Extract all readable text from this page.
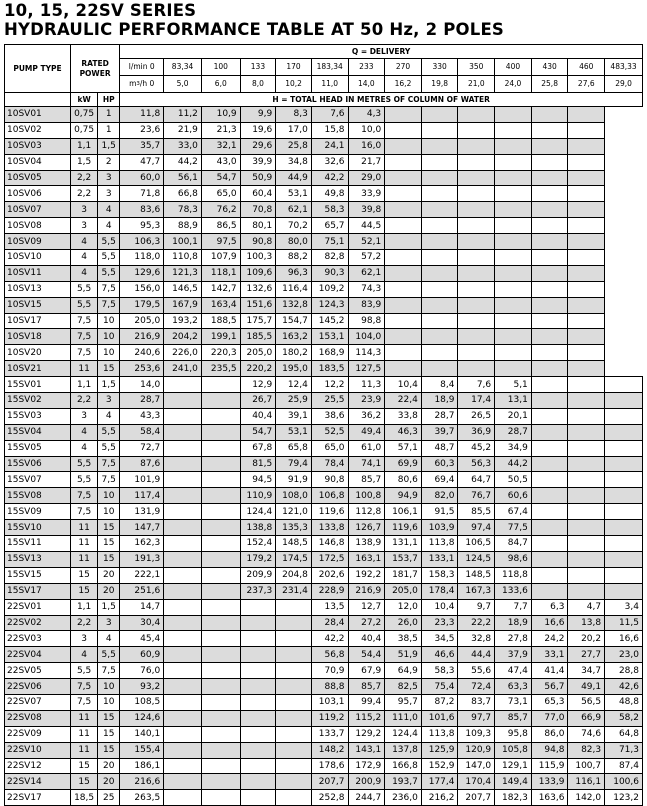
10, 15, 22SV SERIES
HYDRAULIC PERFORMANCE TABLE AT 50 Hz, 2 POLES
PUMP TYPE	RATED POWER		Q = DELIVERY													
			l/min 0	83,34	100	133	170	183,34	233	270	330	350	400	430	460	483,33
			$m^3/h$ 0	5,0	6,0	8,0	10,2	11,0	14,0	16,2	19,8	21,0	24,0	25,8	27,6	29,0
	kW	HP	H = TOTAL HEAD IN METRES OF COLUMN OF WATER													
10SV01	0,75	1	11,8	11,2	10,9	9,9	8,3	7,6	4,3							
10SV02	0,75	1	23,6	21,9	21,3	19,6	17,0	15,8	10,0							
10SV03	1,1	1,5	35,7	33,0	32,1	29,6	25,8	24,1	16,0							
10SV04	1,5	2	47,7	44,2	43,0	39,9	34,8	32,6	21,7							
10SV05	2,2	3	60,0	56,1	54,7	50,9	44,9	42,2	29,0							
10SV06	2,2	3	71,8	66,8	65,0	60,4	53,1	49,8	33,9							
10SV07	3	4	83,6	78,3	76,2	70,8	62,1	58,3	39,8							
10SV08	3	4	95,3	88,9	86,5	80,1	70,2	65,7	44,5							
10SV09	4	5,5	106,3	100,1	97,5	90,8	80,0	75,1	52,1							
10SV10	4	5,5	118,0	110,8	107,9	100,3	88,2	82,8	57,2							
10SV11	4	5,5	129,6	121,3	118,1	109,6	96,3	90,3	62,1							
10SV13	5,5	7,5	156,0	146,5	142,7	132,6	116,4	109,2	74,3							
10SV15	5,5	7,5	179,5	167,9	163,4	151,6	132,8	124,3	83,9							
10SV17	7,5	10	205,0	193,2	188,5	175,7	154,7	145,2	98,8							
10SV18	7,5	10	216,9	204,2	199,1	185,5	163,2	153,1	104,0							
10SV20	7,5	10	240,6	226,0	220,3	205,0	180,2	168,9	114,3							
10SV21	11	15	253,6	241,0	235,5	220,2	195,0	183,5	127,5							
15SV01	1,1	1,5	14,0			12,9	12,4	12,2	11,3	10,4	8,4	7,6	5,1			
15SV02	2,2	3	28,7			26,7	25,9	25,5	23,9	22,4	18,9	17,4	13,1			
15SV03	3	4	43,3			40,4	39,1	38,6	36,2	33,8	28,7	26,5	20,1			
15SV04	4	5,5	58,4			54,7	53,1	52,5	49,4	46,3	39,7	36,9	28,7			
15SV05	4	5,5	72,7			67,8	65,8	65,0	61,0	57,1	48,7	45,2	34,9			
15SV06	5,5	7,5	87,6			81,5	79,4	78,4	74,1	69,9	60,3	56,3	44,2			
15SV07	5,5	7,5	101,9			94,5	91,9	90,8	85,7	80,6	69,4	64,7	50,5			
15SV08	7,5	10	117,4			110,9	108,0	106,8	100,8	94,9	82,0	76,7	60,6			
15SV09	7,5	10	131,9			124,4	121,0	119,6	112,8	106,1	91,5	85,5	67,4			
15SV10	11	15	147,7			138,8	135,3	133,8	126,7	119,6	103,9	97,4	77,5			
15SV11	11	15	162,3			152,4	148,5	146,8	138,9	131,1	113,8	106,5	84,7			
15SV13	11	15	191,3			179,2	174,5	172,5	163,1	153,7	133,1	124,5	98,6			
15SV15	15	20	222,1			209,9	204,8	202,6	192,2	181,7	158,3	148,5	118,8			
15SV17	15	20	251,6			237,3	231,4	228,9	216,9	205,0	178,4	167,3	133,6			
22SV01	1,1	1,5	14,7					13,5	12,7	12,0	10,4	9,7	7,7	6,3	4,7	3,4
22SV02	2,2	3	30,4					28,4	27,2	26,0	23,3	22,2	18,9	16,6	13,8	11,5
22SV03	3	4	45,4					42,2	40,4	38,5	34,5	32,8	27,8	24,2	20,2	16,6
22SV04	4	5,5	60,9					56,8	54,4	51,9	46,6	44,4	37,9	33,1	27,7	23,0
22SV05	5,5	7,5	76,0					70,9	67,9	64,9	58,3	55,6	47,4	41,4	34,7	28,8
22SV06	7,5	10	93,2					88,8	85,7	82,5	75,4	72,4	63,3	56,7	49,1	42,6
22SV07	7,5	10	108,5					103,1	99,4	95,7	87,2	83,7	73,1	65,3	56,5	48,8
22SV08	11	15	124,6					119,2	115,2	111,0	101,6	97,7	85,7	77,0	66,9	58,2
22SV09	11	15	140,1					133,7	129,2	124,4	113,8	109,3	95,8	86,0	74,6	64,8
22SV10	11	15	155,4					148,2	143,1	137,8	125,9	120,9	105,8	94,8	82,3	71,3
22SV12	15	20	186,1					178,6	172,9	166,8	152,9	147,0	129,1	115,9	100,7	87,4
22SV14	15	20	216,6					207,7	200,9	193,7	177,4	170,4	149,4	133,9	116,1	100,6
22SV17	18,5	25	263,5					252,8	244,7	236,0	216,2	207,7	182,3	163,6	142,0	123,2
